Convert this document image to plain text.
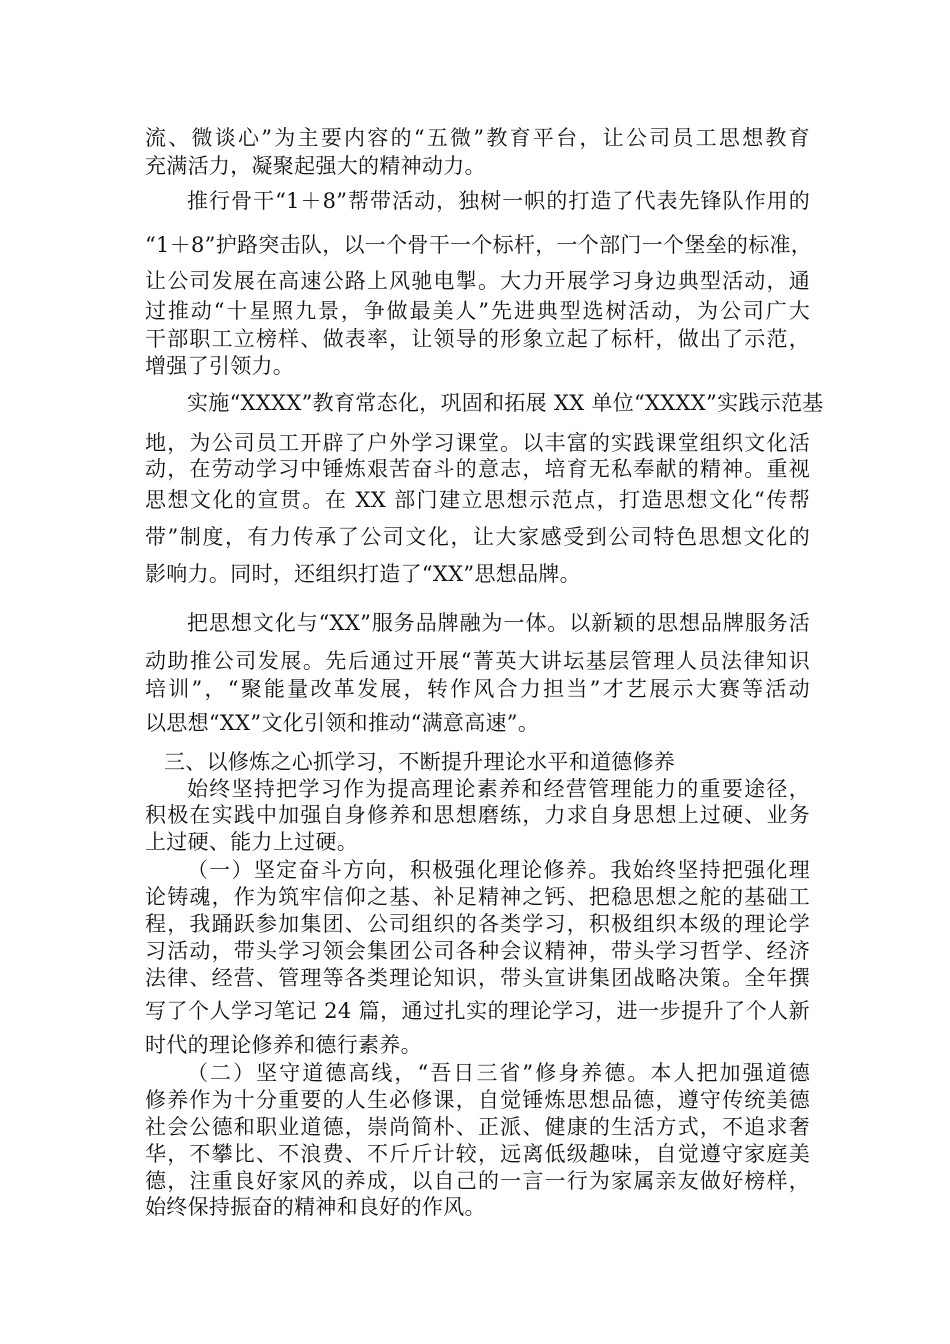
流、微谈心”为主要内容的“五微”教育平台，让公司员工思想教育

充满活力，凝聚起强大的精神动力。

推行骨干“1＋8”帮带活动，独树一帜的打造了代表先锋队作用的

“1＋8”护路突击队，以一个骨干一个标杆，一个部门一个堡垒的标准，

让公司发展在高速公路上风驰电掣。大力开展学习身边典型活动，通

过推动“十星照九景，争做最美人”先进典型选树活动，为公司广大

干部职工立榜样、做表率，让领导的形象立起了标杆，做出了示范，

增强了引领力。

实施“XXXX”教育常态化，巩固和拓展 XX 单位“XXXX”实践示范基

地，为公司员工开辟了户外学习课堂。以丰富的实践课堂组织文化活

动，在劳动学习中锤炼艰苦奋斗的意志，培育无私奉献的精神。重视

思想文化的宣贯。在 XX 部门建立思想示范点，打造思想文化“传帮

带”制度，有力传承了公司文化，让大家感受到公司特色思想文化的

影响力。同时，还组织打造了“XX”思想品牌。

把思想文化与“XX”服务品牌融为一体。以新颖的思想品牌服务活

动助推公司发展。先后通过开展“菁英大讲坛基层管理人员法律知识

培训”，“聚能量改革发展，转作风合力担当”才艺展示大赛等活动

以思想“XX”文化引领和推动“满意高速”。

三、以修炼之心抓学习，不断提升理论水平和道德修养

始终坚持把学习作为提高理论素养和经营管理能力的重要途径，

积极在实践中加强自身修养和思想磨练，力求自身思想上过硬、业务

上过硬、能力上过硬。

（一）坚定奋斗方向，积极强化理论修养。我始终坚持把强化理

论铸魂，作为筑牢信仰之基、补足精神之钙、把稳思想之舵的基础工

程，我踊跃参加集团、公司组织的各类学习，积极组织本级的理论学

习活动，带头学习领会集团公司各种会议精神，带头学习哲学、经济

法律、经营、管理等各类理论知识，带头宣讲集团战略决策。全年撰

写了个人学习笔记 24 篇，通过扎实的理论学习，进一步提升了个人新

时代的理论修养和德行素养。

（二）坚守道德高线，“吾日三省”修身养德。本人把加强道德

修养作为十分重要的人生必修课，自觉锤炼思想品德，遵守传统美德

社会公德和职业道德，崇尚简朴、正派、健康的生活方式，不追求奢

华，不攀比、不浪费、不斤斤计较，远离低级趣味，自觉遵守家庭美

德，注重良好家风的养成，以自己的一言一行为家属亲友做好榜样，

始终保持振奋的精神和良好的作风。
